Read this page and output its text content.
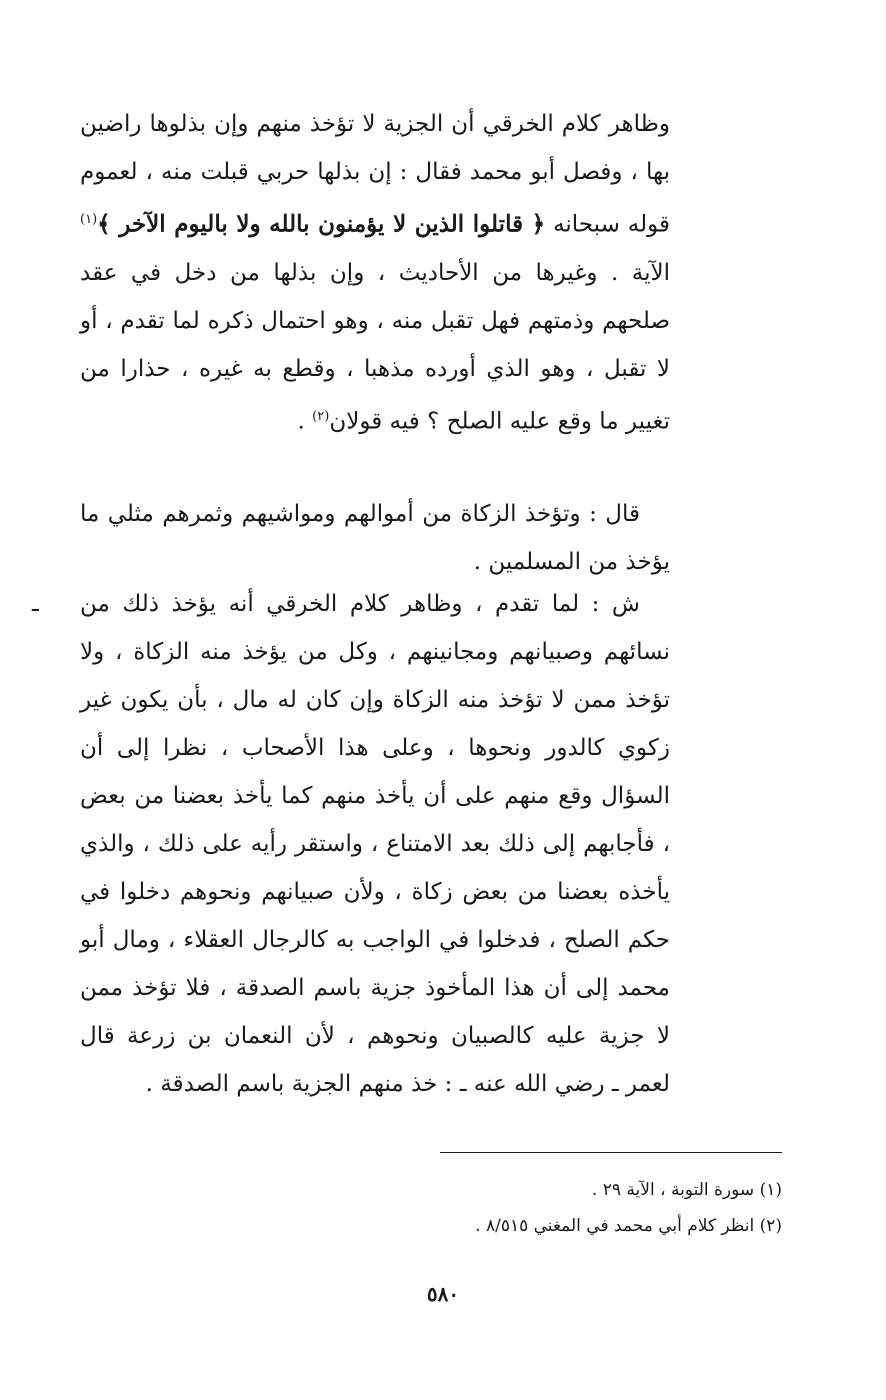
وظاهر كلام الخرقي أن الجزية لا تؤخذ منهم وإن بذلوها راضين بها ، وفصل أبو محمد فقال : إن بذلها حربي قبلت منه ، لعموم قوله سبحانه ﴿ قاتلوا الذين لا يؤمنون بالله ولا باليوم الآخر ﴾$^{(١)}$ الآية . وغيرها من الأحاديث ، وإن بذلها من دخل في عقد صلحهم وذمتهم فهل تقبل منه ، وهو احتمال ذكره لما تقدم ، أو لا تقبل ، وهو الذي أورده مذهبا ، وقطع به غيره ، حذارا من تغيير ما وقع عليه الصلح ؟ فيه قولان$^{(٢)}$ .

قال : وتؤخذ الزكاة من أموالهم ومواشيهم وثمرهم مثلي ما يؤخذ من المسلمين .

ـ ش : لما تقدم ، وظاهر كلام الخرقي أنه يؤخذ ذلك من نسائهم وصبيانهم ومجانينهم ، وكل من يؤخذ منه الزكاة ، ولا تؤخذ ممن لا تؤخذ منه الزكاة وإن كان له مال ، بأن يكون غير زكوي كالدور ونحوها ، وعلى هذا الأصحاب ، نظرا إلى أن السؤال وقع منهم على أن يأخذ منهم كما يأخذ بعضنا من بعض ، فأجابهم إلى ذلك بعد الامتناع ، واستقر رأيه على ذلك ، والذي يأخذه بعضنا من بعض زكاة ، ولأن صبيانهم ونحوهم دخلوا في حكم الصلح ، فدخلوا في الواجب به كالرجال العقلاء ، ومال أبو محمد إلى أن هذا المأخوذ جزية باسم الصدقة ، فلا تؤخذ ممن لا جزية عليه كالصبيان ونحوهم ، لأن النعمان بن زرعة قال لعمر ـ رضي الله عنه ـ : خذ منهم الجزية باسم الصدقة .
(١) سورة التوبة ، الآية ٢٩ .
(٢) انظر كلام أبي محمد في المغني ٨/٥١٥ .
٥٨٠
